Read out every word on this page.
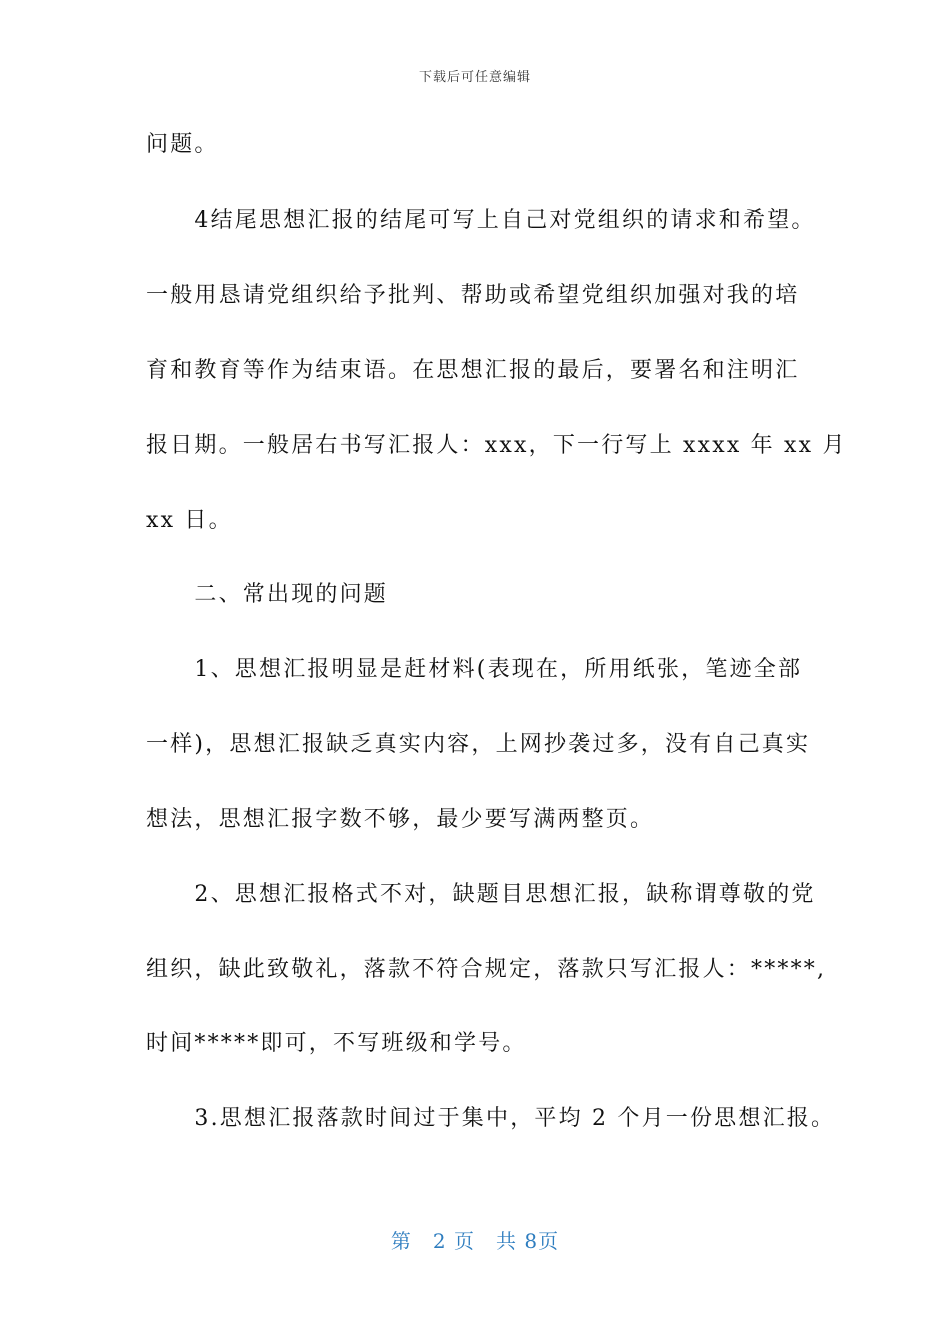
下载后可任意编辑
问题。
　　4结尾思想汇报的结尾可写上自己对党组织的请求和希望。
一般用恳请党组织给予批判、帮助或希望党组织加强对我的培
育和教育等作为结束语。在思想汇报的最后，要署名和注明汇
报日期。一般居右书写汇报人：xxx，下一行写上 xxxx 年 xx 月
xx 日。
　　二、常出现的问题
　　1、思想汇报明显是赶材料(表现在，所用纸张，笔迹全部
一样)，思想汇报缺乏真实内容，上网抄袭过多，没有自己真实
想法，思想汇报字数不够，最少要写满两整页。
　　2、思想汇报格式不对，缺题目思想汇报，缺称谓尊敬的党
组织，缺此致敬礼，落款不符合规定，落款只写汇报人：*****,
时间*****即可，不写班级和学号。
　　3.思想汇报落款时间过于集中，平均 2 个月一份思想汇报。
第　2 页　共 8页
